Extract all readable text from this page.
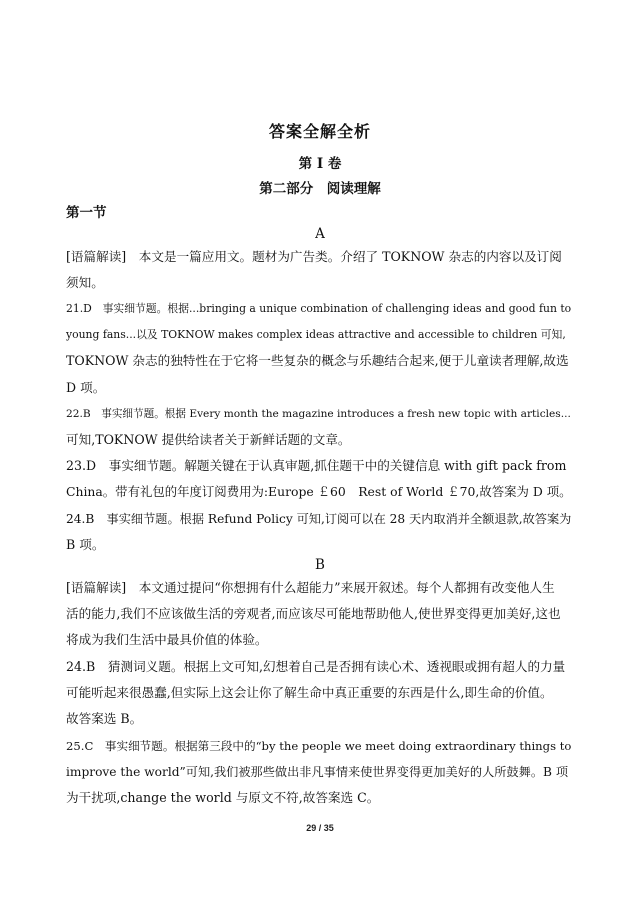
答案全解全析
第 I 卷
第二部分　阅读理解
第一节
A
[语篇解读]　本文是一篇应用文。题材为广告类。介绍了 TOKNOW 杂志的内容以及订阅
须知。
21.D　事实细节题。根据...bringing a unique combination of challenging ideas and good fun to
young fans...以及 TOKNOW makes complex ideas attractive and accessible to children 可知,
TOKNOW 杂志的独特性在于它将一些复杂的概念与乐趣结合起来,便于儿童读者理解,故选
D 项。
22.B　事实细节题。根据 Every month the magazine introduces a fresh new topic with articles...
可知,TOKNOW 提供给读者关于新鲜话题的文章。
23.D　事实细节题。解题关键在于认真审题,抓住题干中的关键信息 with gift pack from
China。带有礼包的年度订阅费用为:Europe ￡60　Rest of World ￡70,故答案为 D 项。
24.B　事实细节题。根据 Refund Policy 可知,订阅可以在 28 天内取消并全额退款,故答案为
B 项。
B
[语篇解读]　本文通过提问“你想拥有什么超能力”来展开叙述。每个人都拥有改变他人生
活的能力,我们不应该做生活的旁观者,而应该尽可能地帮助他人,使世界变得更加美好,这也
将成为我们生活中最具价值的体验。
24.B　猜测词义题。根据上文可知,幻想着自己是否拥有读心术、透视眼或拥有超人的力量
可能听起来很愚蠢,但实际上这会让你了解生命中真正重要的东西是什么,即生命的价值。
故答案选 B。
25.C　事实细节题。根据第三段中的“by the people we meet doing extraordinary things to
improve the world”可知,我们被那些做出非凡事情来使世界变得更加美好的人所鼓舞。B 项
为干扰项,change the world 与原文不符,故答案选 C。
29 / 35
